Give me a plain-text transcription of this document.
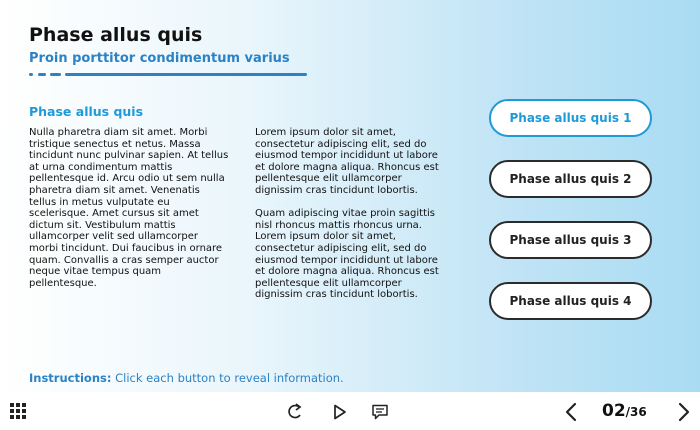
Phase allus quis
Proin porttitor condimentum varius
Phase allus quis

Nulla pharetra diam sit amet. Morbi tristique senectus et netus. Massa tincidunt nunc pulvinar sapien. At tellus at urna condimentum mattis pellentesque id. Arcu odio ut sem nulla pharetra diam sit amet. Venenatis tellus in metus vulputate eu scelerisque. Amet cursus sit amet dictum sit. Vestibulum mattis ullamcorper velit sed ullamcorper morbi tincidunt. Dui faucibus in ornare quam. Convallis a cras semper auctor neque vitae tempus quam pellentesque.

Lorem ipsum dolor sit amet, consectetur adipiscing elit, sed do eiusmod tempor incididunt ut labore et dolore magna aliqua. Rhoncus est pellentesque elit ullamcorper dignissim cras tincidunt lobortis.

Quam adipiscing vitae proin sagittis nisl rhoncus mattis rhoncus urna. Lorem ipsum dolor sit amet, consectetur adipiscing elit, sed do eiusmod tempor incididunt ut labore et dolore magna aliqua. Rhoncus est pellentesque elit ullamcorper dignissim cras tincidunt lobortis.

Phase allus quis 1
Phase allus quis 2
Phase allus quis 3
Phase allus quis 4
Instructions: Click each button to reveal information.
02/36
